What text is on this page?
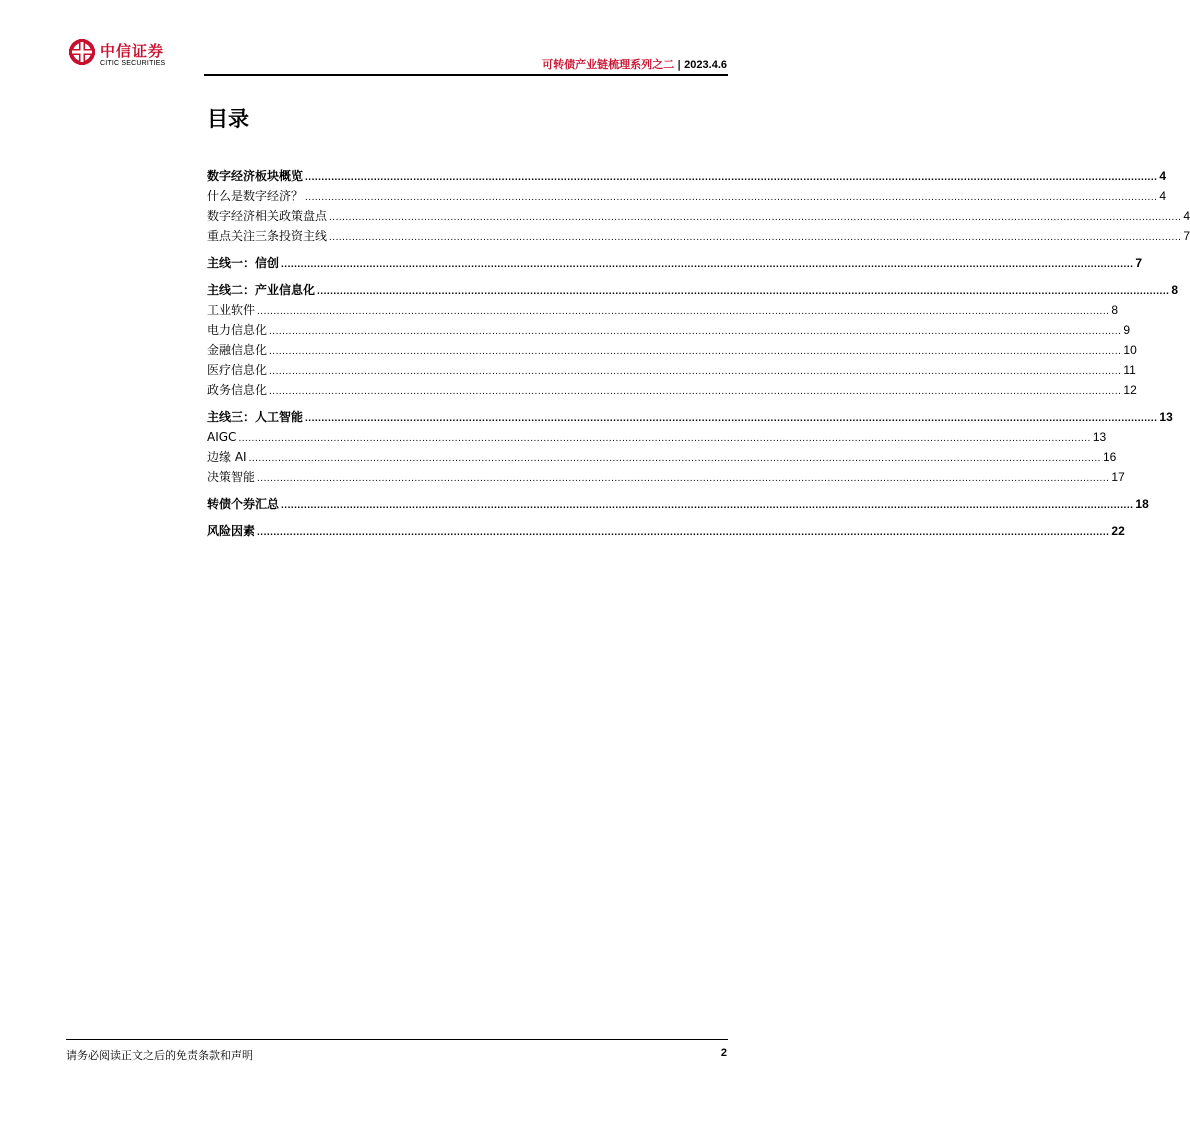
中信证券
CITIC SECURITIES	可转债产业链梳理系列之二 | 2023.4.6
目录
数字经济板块概览 .................................................................................................................................................................................................................................................................... 4
什么是数字经济？ .................................................................................................................................................................................................................................................................... 4
数字经济相关政策盘点 .................................................................................................................................................................................................................................................................... 4
重点关注三条投资主线 .................................................................................................................................................................................................................................................................... 7
主线一：信创 .................................................................................................................................................................................................................................................................... 7
主线二：产业信息化 .................................................................................................................................................................................................................................................................... 8
工业软件 .................................................................................................................................................................................................................................................................... 8
电力信息化 .................................................................................................................................................................................................................................................................... 9
金融信息化 .................................................................................................................................................................................................................................................................... 10
医疗信息化 .................................................................................................................................................................................................................................................................... 11
政务信息化 .................................................................................................................................................................................................................................................................... 12
主线三：人工智能 .................................................................................................................................................................................................................................................................... 13
AIGC .................................................................................................................................................................................................................................................................... 13
边缘 AI .................................................................................................................................................................................................................................................................... 16
决策智能 .................................................................................................................................................................................................................................................................... 17
转债个券汇总 .................................................................................................................................................................................................................................................................... 18
风险因素 .................................................................................................................................................................................................................................................................... 22
请务必阅读正文之后的免责条款和声明	2
